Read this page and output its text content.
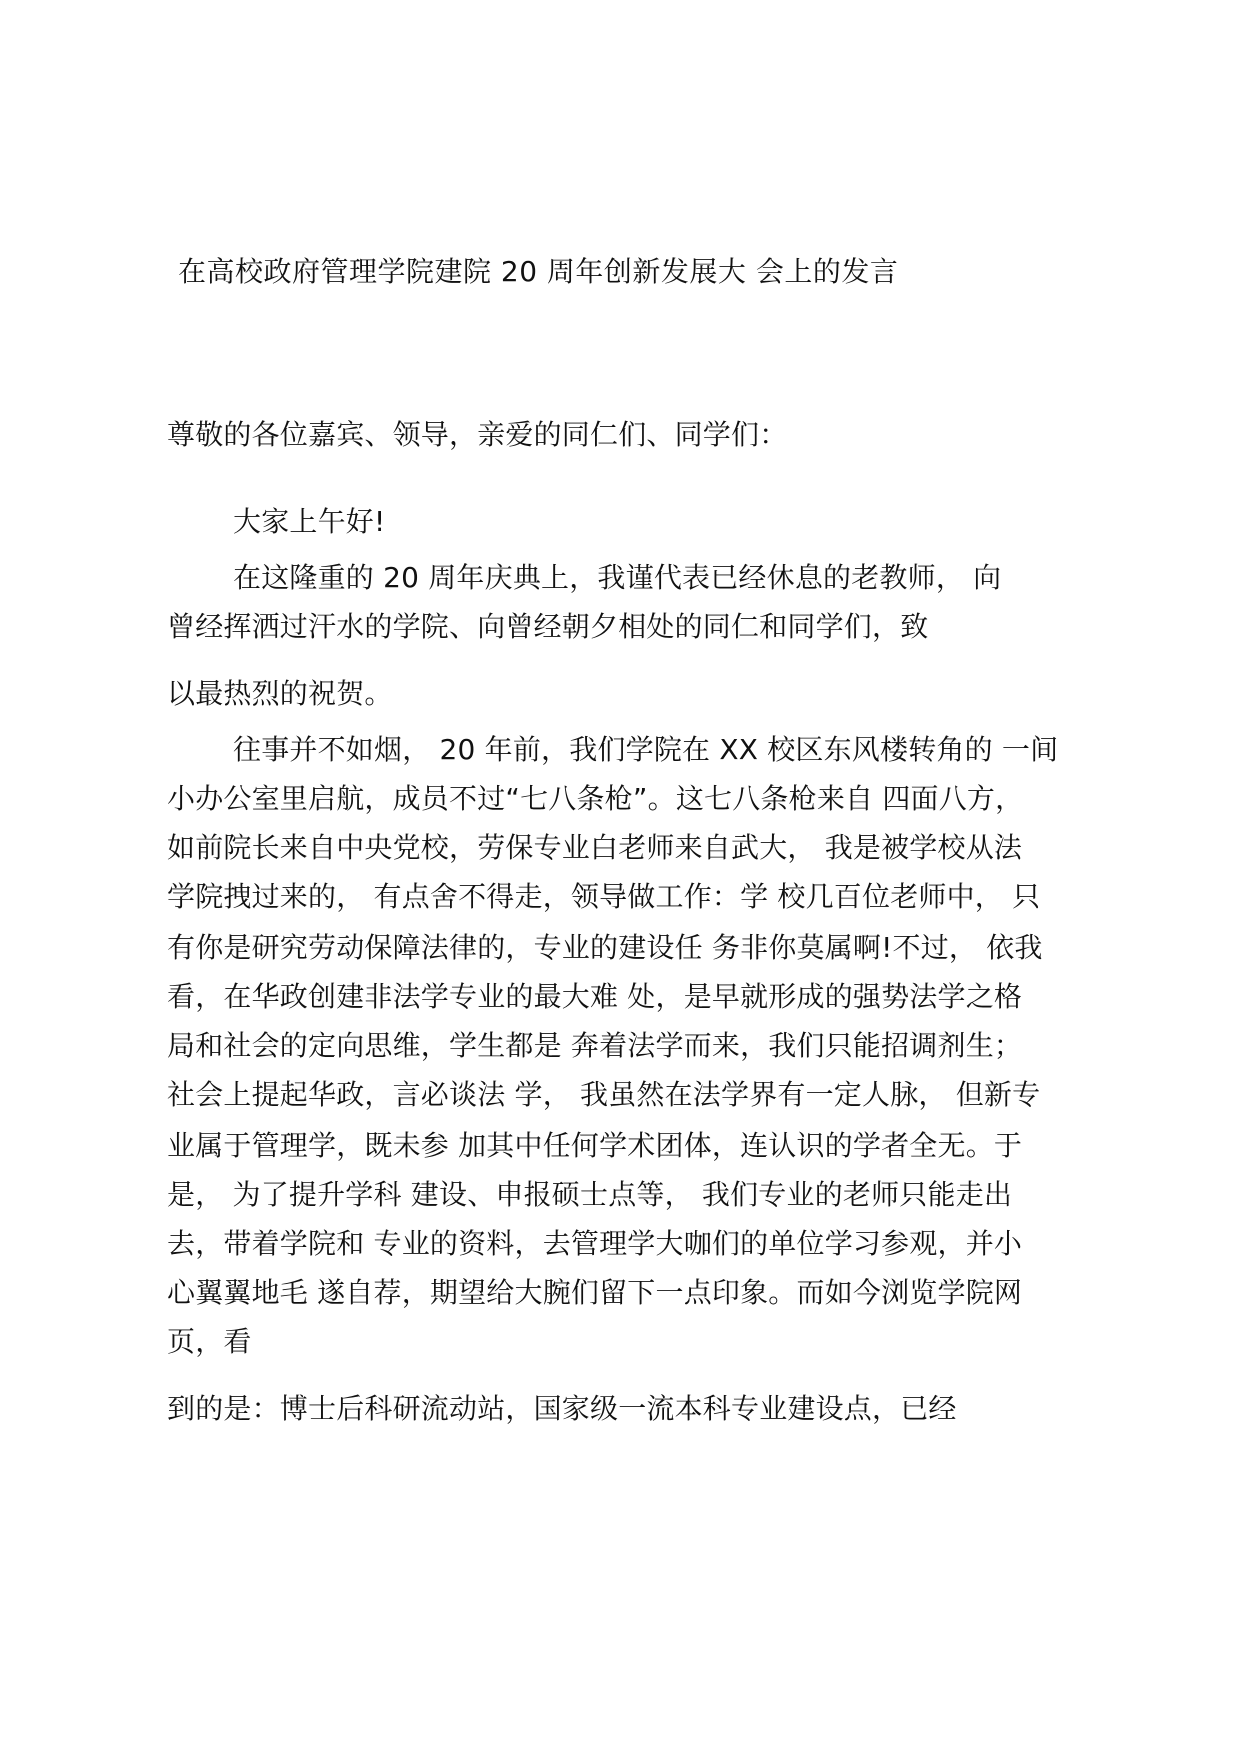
在高校政府管理学院建院 20 周年创新发展大 会上的发言
尊敬的各位嘉宾、领导，亲爱的同仁们、同学们：
大家上午好!
在这隆重的 20 周年庆典上，我谨代表已经休息的老教师， 向
曾经挥洒过汗水的学院、向曾经朝夕相处的同仁和同学们，致
以最热烈的祝贺。
往事并不如烟， 20 年前，我们学院在 XX 校区东风楼转角的 一间
小办公室里启航，成员不过“七八条枪”。这七八条枪来自 四面八方，
如前院长来自中央党校，劳保专业白老师来自武大， 我是被学校从法
学院拽过来的， 有点舍不得走，领导做工作：学 校几百位老师中， 只
有你是研究劳动保障法律的，专业的建设任 务非你莫属啊!不过， 依我
看，在华政创建非法学专业的最大难 处，是早就形成的强势法学之格
局和社会的定向思维，学生都是 奔着法学而来，我们只能招调剂生；
社会上提起华政，言必谈法 学， 我虽然在法学界有一定人脉， 但新专
业属于管理学，既未参 加其中任何学术团体，连认识的学者全无。于
是， 为了提升学科 建设、申报硕士点等， 我们专业的老师只能走出
去，带着学院和 专业的资料，去管理学大咖们的单位学习参观，并小
心翼翼地毛 遂自荐，期望给大腕们留下一点印象。而如今浏览学院网
页，看
到的是：博士后科研流动站，国家级一流本科专业建设点，已经
